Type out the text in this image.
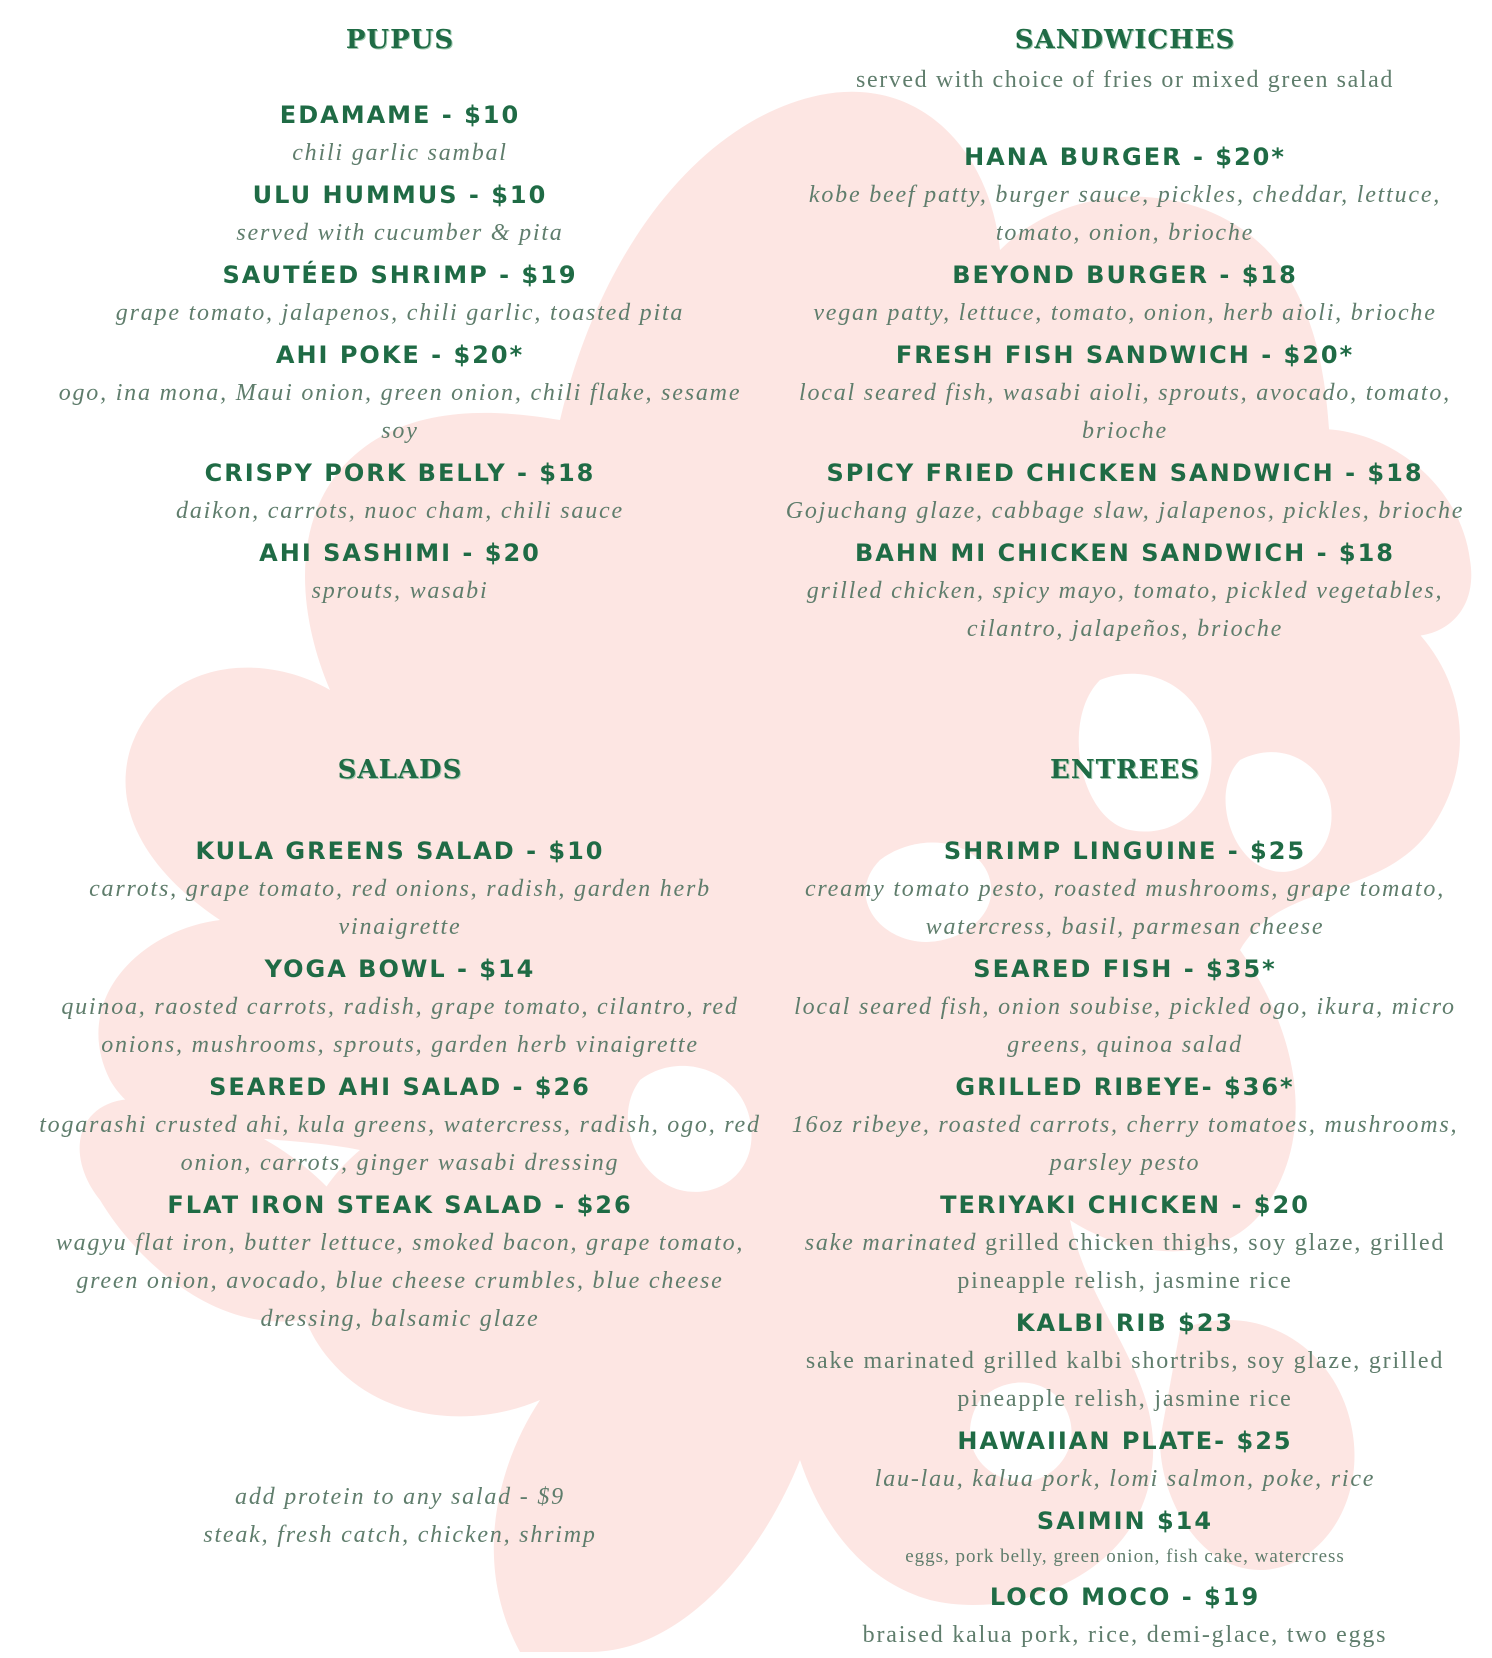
PUPUS
EDAMAME - $10
chili garlic sambal
ULU HUMMUS - $10
served with cucumber & pita
SAUTÉED SHRIMP - $19
grape tomato, jalapenos, chili garlic, toasted pita
AHI POKE - $20*
ogo, ina mona, Maui onion, green onion, chili flake, sesame soy
CRISPY PORK BELLY - $18
daikon, carrots, nuoc cham, chili sauce
AHI SASHIMI - $20
sprouts, wasabi
SANDWICHES
served with choice of fries or mixed green salad
HANA BURGER - $20*
kobe beef patty, burger sauce, pickles, cheddar, lettuce, tomato, onion, brioche
BEYOND BURGER - $18
vegan patty, lettuce, tomato, onion, herb aioli, brioche
FRESH FISH SANDWICH - $20*
local seared fish, wasabi aioli, sprouts, avocado, tomato, brioche
SPICY FRIED CHICKEN SANDWICH - $18
Gojuchang glaze, cabbage slaw, jalapenos, pickles, brioche
BAHN MI CHICKEN SANDWICH - $18
grilled chicken, spicy mayo, tomato, pickled vegetables, cilantro, jalapeños, brioche
SALADS
KULA GREENS SALAD - $10
carrots, grape tomato, red onions, radish, garden herb vinaigrette
YOGA BOWL - $14
quinoa, raosted carrots, radish, grape tomato, cilantro, red onions, mushrooms, sprouts, garden herb vinaigrette
SEARED AHI SALAD - $26
togarashi crusted ahi, kula greens, watercress, radish, ogo, red onion, carrots, ginger wasabi dressing
FLAT IRON STEAK SALAD - $26
wagyu flat iron, butter lettuce, smoked bacon, grape tomato, green onion, avocado, blue cheese crumbles, blue cheese dressing, balsamic glaze
add protein to any salad - $9
steak, fresh catch, chicken, shrimp
ENTREES
SHRIMP LINGUINE - $25
creamy tomato pesto, roasted mushrooms, grape tomato, watercress, basil, parmesan cheese
SEARED FISH - $35*
local seared fish, onion soubise, pickled ogo, ikura, micro greens, quinoa salad
GRILLED RIBEYE- $36*
16oz ribeye, roasted carrots, cherry tomatoes, mushrooms, parsley pesto
TERIYAKI CHICKEN - $20
sake marinated grilled chicken thighs, soy glaze, grilled pineapple relish, jasmine rice
KALBI RIB $23
sake marinated grilled kalbi shortribs, soy glaze, grilled pineapple relish, jasmine rice
HAWAIIAN PLATE- $25
lau-lau, kalua pork, lomi salmon, poke, rice
SAIMIN $14
eggs, pork belly, green onion, fish cake, watercress
LOCO MOCO - $19
braised kalua pork, rice, demi-glace, two eggs
